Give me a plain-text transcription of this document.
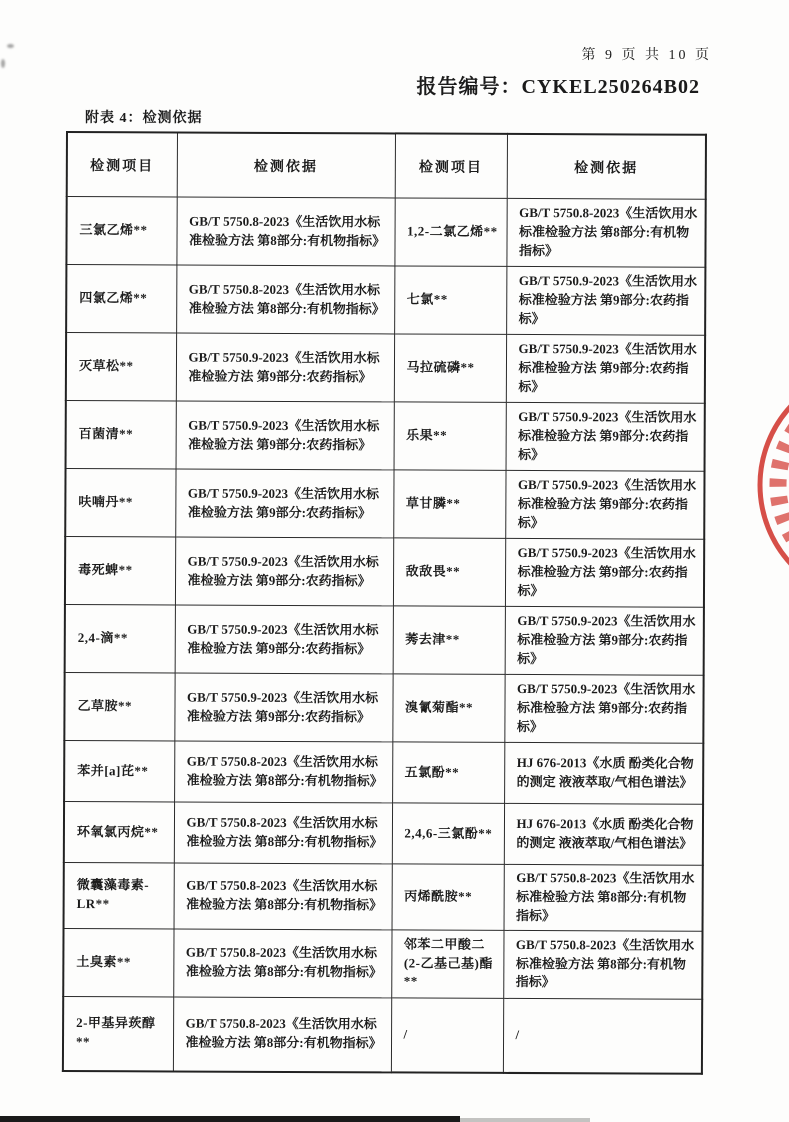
第 9 页 共 10 页
报告编号：CYKEL250264B02
附表 4：检测依据
检测项目	检测依据	检测项目	检测依据
三氯乙烯**	GB/T 5750.8-2023《生活饮用水标准检验方法 第8部分:有机物指标》	1,2-二氯乙烯**	GB/T 5750.8-2023《生活饮用水标准检验方法 第8部分:有机物指标》
四氯乙烯**	GB/T 5750.8-2023《生活饮用水标准检验方法 第8部分:有机物指标》	七氯**	GB/T 5750.9-2023《生活饮用水标准检验方法 第9部分:农药指标》
灭草松**	GB/T 5750.9-2023《生活饮用水标准检验方法 第9部分:农药指标》	马拉硫磷**	GB/T 5750.9-2023《生活饮用水标准检验方法 第9部分:农药指标》
百菌清**	GB/T 5750.9-2023《生活饮用水标准检验方法 第9部分:农药指标》	乐果**	GB/T 5750.9-2023《生活饮用水标准检验方法 第9部分:农药指标》
呋喃丹**	GB/T 5750.9-2023《生活饮用水标准检验方法 第9部分:农药指标》	草甘膦**	GB/T 5750.9-2023《生活饮用水标准检验方法 第9部分:农药指标》
毒死蜱**	GB/T 5750.9-2023《生活饮用水标准检验方法 第9部分:农药指标》	敌敌畏**	GB/T 5750.9-2023《生活饮用水标准检验方法 第9部分:农药指标》
2,4-滴**	GB/T 5750.9-2023《生活饮用水标准检验方法 第9部分:农药指标》	莠去津**	GB/T 5750.9-2023《生活饮用水标准检验方法 第9部分:农药指标》
乙草胺**	GB/T 5750.9-2023《生活饮用水标准检验方法 第9部分:农药指标》	溴氰菊酯**	GB/T 5750.9-2023《生活饮用水标准检验方法 第9部分:农药指标》
苯并[a]芘**	GB/T 5750.8-2023《生活饮用水标准检验方法 第8部分:有机物指标》	五氯酚**	HJ 676-2013《水质 酚类化合物的测定 液液萃取/气相色谱法》
环氧氯丙烷**	GB/T 5750.8-2023《生活饮用水标准检验方法 第8部分:有机物指标》	2,4,6-三氯酚**	HJ 676-2013《水质 酚类化合物的测定 液液萃取/气相色谱法》
微囊藻毒素-LR**	GB/T 5750.8-2023《生活饮用水标准检验方法 第8部分:有机物指标》	丙烯酰胺**	GB/T 5750.8-2023《生活饮用水标准检验方法 第8部分:有机物指标》
土臭素**	GB/T 5750.8-2023《生活饮用水标准检验方法 第8部分:有机物指标》	邻苯二甲酸二(2-乙基己基)酯**	GB/T 5750.8-2023《生活饮用水标准检验方法 第8部分:有机物指标》
2-甲基异莰醇**	GB/T 5750.8-2023《生活饮用水标准检验方法 第8部分:有机物指标》	/	/
